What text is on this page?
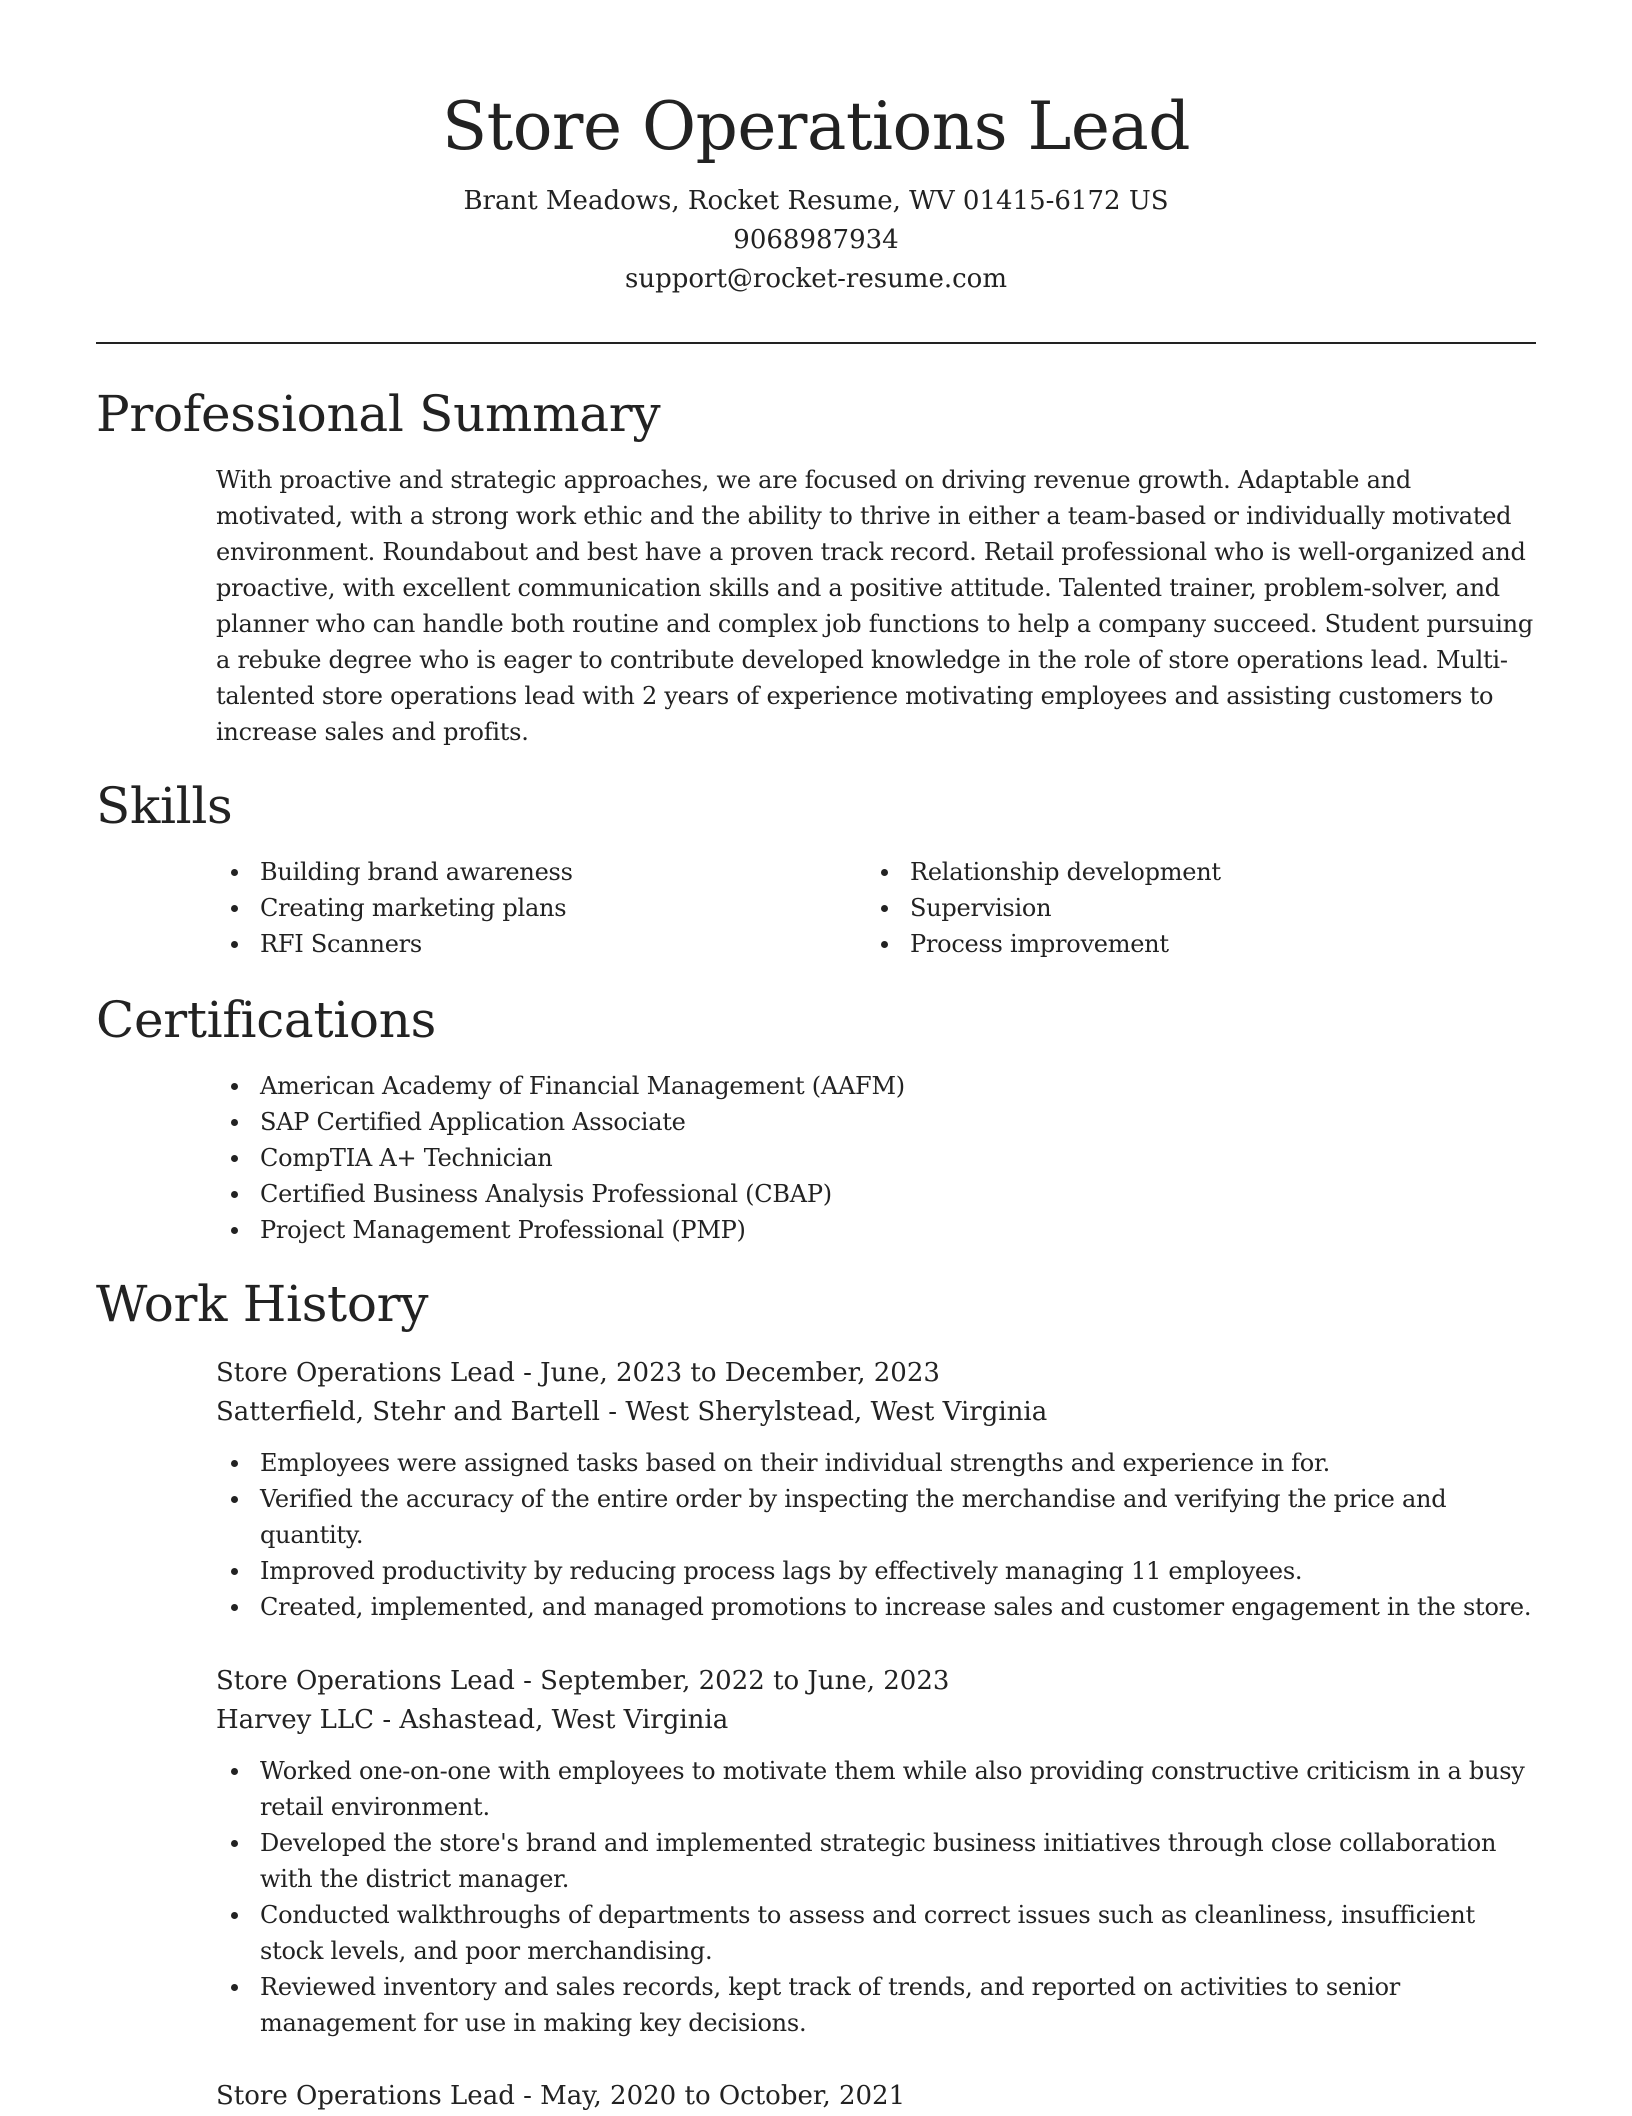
Store Operations Lead

Brant Meadows, Rocket Resume, WV 01415-6172 US

9068987934

support@rocket-resume.com

Professional Summary

With proactive and strategic approaches, we are focused on driving revenue growth. Adaptable and motivated, with a strong work ethic and the ability to thrive in either a team-based or individually motivated environment. Roundabout and best have a proven track record. Retail professional who is well-organized and proactive, with excellent communication skills and a positive attitude. Talented trainer, problem-solver, and planner who can handle both routine and complex job functions to help a company succeed. Student pursuing a rebuke degree who is eager to contribute developed knowledge in the role of store operations lead. Multi-talented store operations lead with 2 years of experience motivating employees and assisting customers to increase sales and profits.

Skills
Building brand awareness
Creating marketing plans
RFI Scanners
Relationship development
Supervision
Process improvement
Certifications
American Academy of Financial Management (AAFM)
SAP Certified Application Associate
CompTIA A+ Technician
Certified Business Analysis Professional (CBAP)
Project Management Professional (PMP)
Work History

Store Operations Lead - June, 2023 to December, 2023

Satterfield, Stehr and Bartell - West Sherylstead, West Virginia

Employees were assigned tasks based on their individual strengths and experience in for.
Verified the accuracy of the entire order by inspecting the merchandise and verifying the price and quantity.
Improved productivity by reducing process lags by effectively managing 11 employees.
Created, implemented, and managed promotions to increase sales and customer engagement in the store.

Store Operations Lead - September, 2022 to June, 2023

Harvey LLC - Ashastead, West Virginia

Worked one-on-one with employees to motivate them while also providing constructive criticism in a busy retail environment.
Developed the store's brand and implemented strategic business initiatives through close collaboration with the district manager.
Conducted walkthroughs of departments to assess and correct issues such as cleanliness, insufficient stock levels, and poor merchandising.
Reviewed inventory and sales records, kept track of trends, and reported on activities to senior management for use in making key decisions.

Store Operations Lead - May, 2020 to October, 2021
